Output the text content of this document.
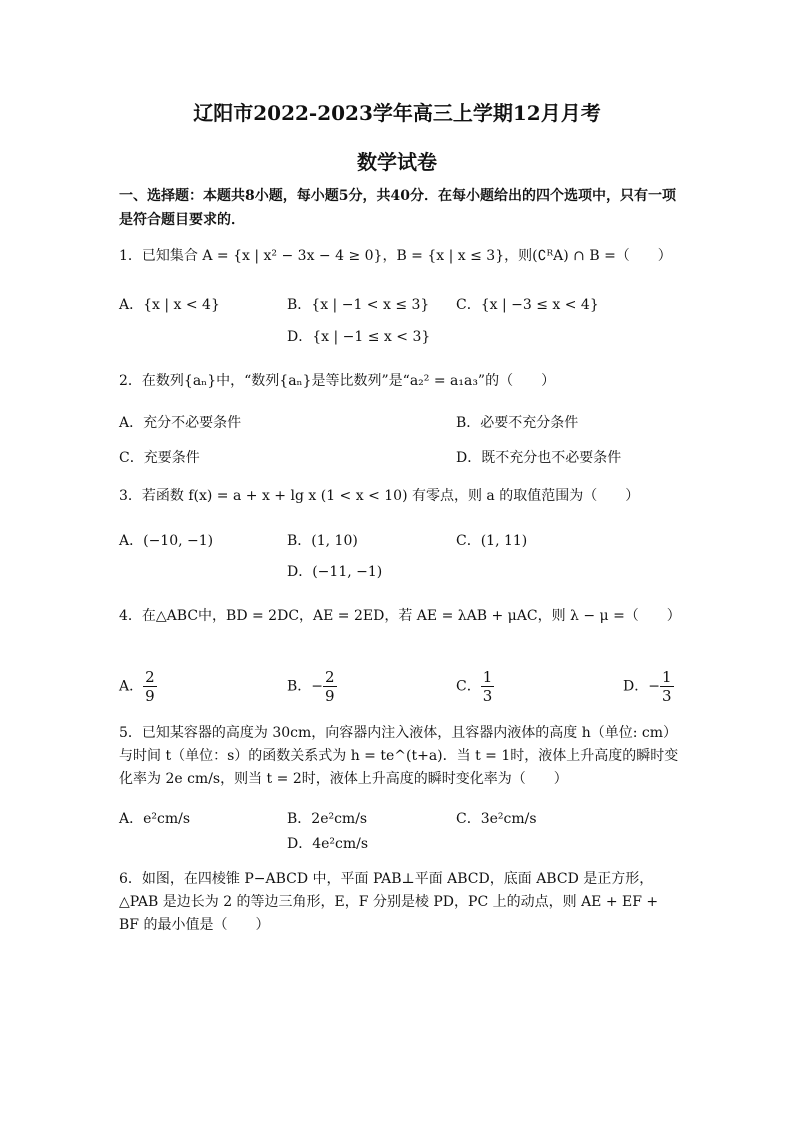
辽阳市2022-2023学年高三上学期12月月考
数学试卷
一、选择题：本题共8小题，每小题5分，共40分．在每小题给出的四个选项中，只有一项是符合题目要求的．
1．已知集合 A = {x | x² − 3x − 4 ≥ 0}，B = {x | x ≤ 3}，则(∁ᴿA) ∩ B =（　　）
A．{x | x < 4}	B．{x | −1 < x ≤ 3} C．{x | −3 ≤ x < 4}
D．{x | −1 ≤ x < 3}
2．在数列{aₙ}中，“数列{aₙ}是等比数列”是“a₂² = a₁a₃”的（　　）
A．充分不必要条件	B．必要不充分条件
C．充要条件	D．既不充分也不必要条件
3．若函数 f(x) = a + x + lg x (1 < x < 10) 有零点，则 a 的取值范围为（　　）
A．(−10, −1)	B．(1, 10)	C．(1, 11)
D．(−11, −1)
4．在△ABC中，BD = 2DC，AE = 2ED，若 AE = λAB + μAC，则 λ − μ =（　　）
A． $\frac{2}{9}$	B．− $\frac{2}{9}$	C． $\frac{1}{3}$	D．− $\frac{1}{3}$
5．已知某容器的高度为 30cm，向容器内注入液体，且容器内液体的高度 h（单位: cm）与时间 t（单位：s）的函数关系式为 h = te^(t+a)．当 t = 1时，液体上升高度的瞬时变化率为 2e cm/s，则当 t = 2时，液体上升高度的瞬时变化率为（　　）
A．e²cm/s	B．2e²cm/s	C．3e²cm/s
D．4e²cm/s
6．如图，在四棱锥 P−ABCD 中，平面 PAB⊥平面 ABCD，底面 ABCD 是正方形，△PAB 是边长为 2 的等边三角形，E，F 分别是棱 PD，PC 上的动点，则 AE + EF + BF 的最小值是（　　）
